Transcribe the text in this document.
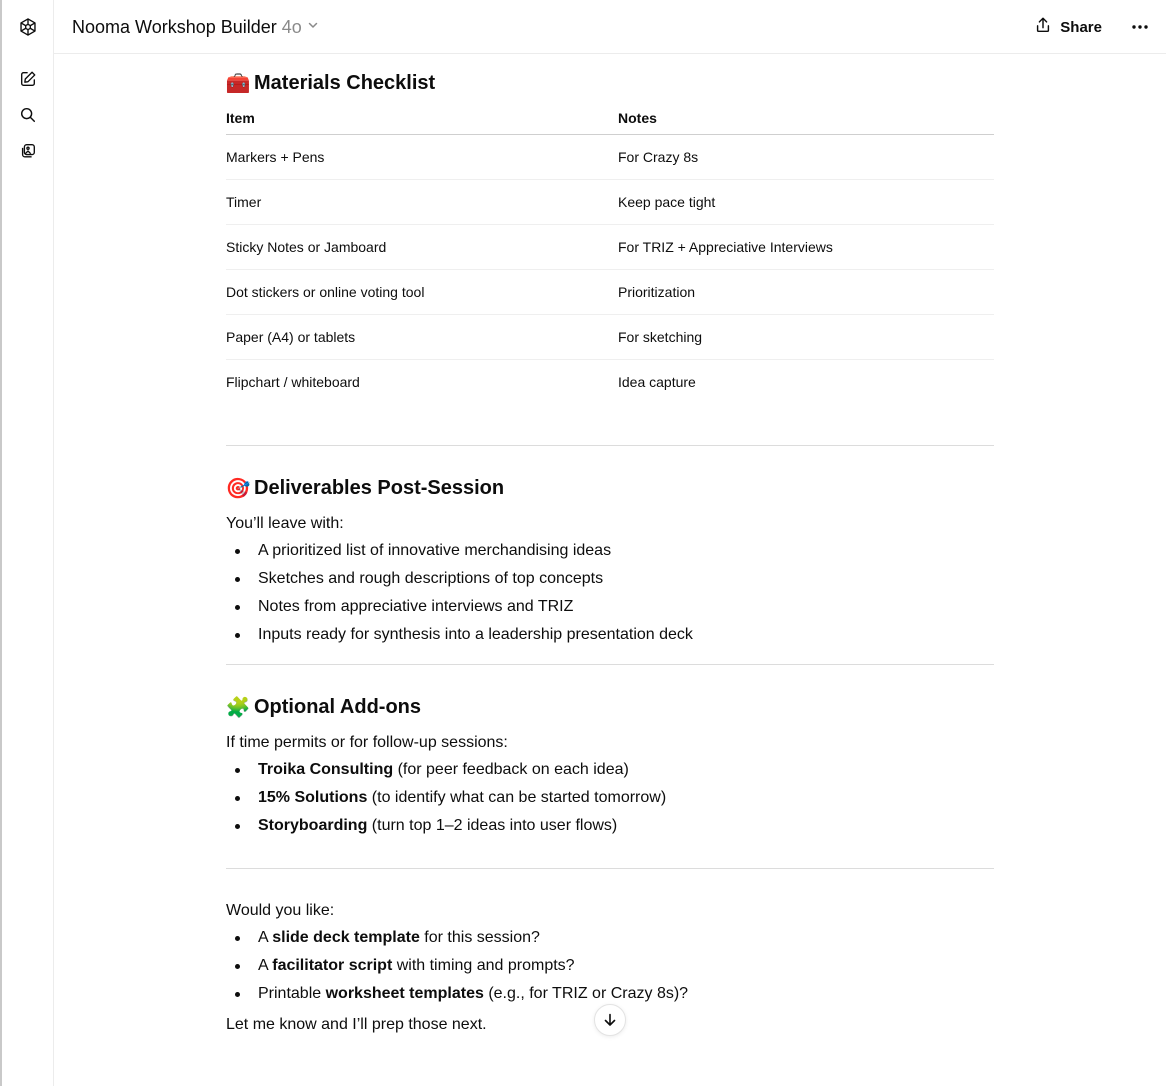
Nooma Workshop Builder 4o	Share
🧰 Materials Checklist
Item	Notes
Markers + Pens	For Crazy 8s
Timer	Keep pace tight
Sticky Notes or Jamboard	For TRIZ + Appreciative Interviews
Dot stickers or online voting tool	Prioritization
Paper (A4) or tablets	For sketching
Flipchart / whiteboard	Idea capture
🎯 Deliverables Post-Session

You’ll leave with:

A prioritized list of innovative merchandising ideas
Sketches and rough descriptions of top concepts
Notes from appreciative interviews and TRIZ
Inputs ready for synthesis into a leadership presentation deck
🧩 Optional Add-ons

If time permits or for follow-up sessions:

Troika Consulting (for peer feedback on each idea)
15% Solutions (to identify what can be started tomorrow)
Storyboarding (turn top 1–2 ideas into user flows)

Would you like:

A slide deck template for this session?
A facilitator script with timing and prompts?
Printable worksheet templates (e.g., for TRIZ or Crazy 8s)?

Let me know and I’ll prep those next.
